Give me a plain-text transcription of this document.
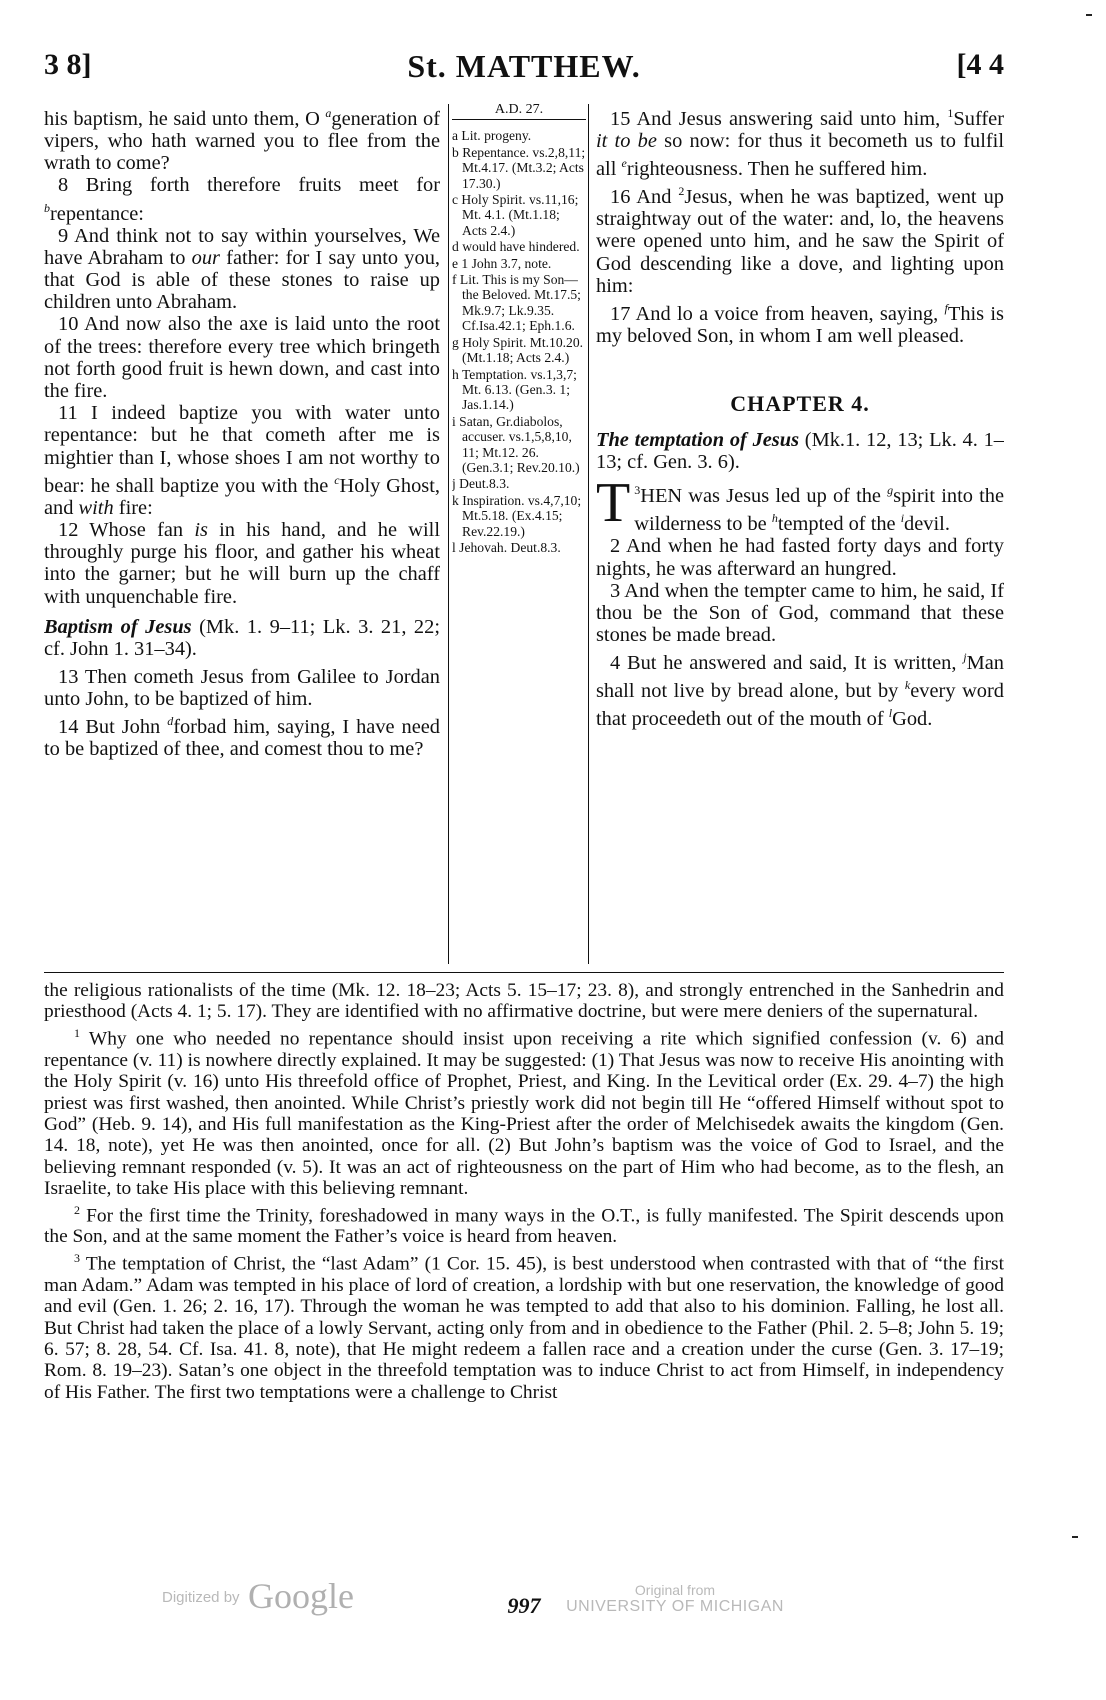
3 8]	St. MATTHEW.	[4 4

his baptism, he said unto them, O $^a$generation of vipers, who hath warned you to flee from the wrath to come?

8 Bring forth therefore fruits meet for $^b$repentance:

9 And think not to say within yourselves, We have Abraham to our father: for I say unto you, that God is able of these stones to raise up children unto Abraham.

10 And now also the axe is laid unto the root of the trees: therefore every tree which bringeth not forth good fruit is hewn down, and cast into the fire.

11 I indeed baptize you with water unto repentance: but he that cometh after me is mightier than I, whose shoes I am not worthy to bear: he shall baptize you with the $^c$Holy Ghost, and with fire:

12 Whose fan is in his hand, and he will throughly purge his floor, and gather his wheat into the garner; but he will burn up the chaff with unquenchable fire.

Baptism of Jesus (Mk. 1. 9–11; Lk. 3. 21, 22; cf. John 1. 31–34).

13 Then cometh Jesus from Galilee to Jordan unto John, to be baptized of him.

14 But John $^d$forbad him, saying, I have need to be baptized of thee, and comest thou to me?

A.D. 27.
a Lit. progeny.
b Repentance. vs.2,8,11; Mt.4.17. (Mt.3.2; Acts 17.30.)
c Holy Spirit. vs.11,16; Mt. 4.1. (Mt.1.18; Acts 2.4.)
d would have hindered.
e 1 John 3.7, note.
f Lit. This is my Son— the Beloved. Mt.17.5; Mk.9.7; Lk.9.35. Cf.Isa.42.1; Eph.1.6.
g Holy Spirit. Mt.10.20. (Mt.1.18; Acts 2.4.)
h Temptation. vs.1,3,7; Mt. 6.13. (Gen.3. 1; Jas.1.14.)
i Satan, Gr.diabolos, accuser. vs.1,5,8,10, 11; Mt.12. 26. (Gen.3.1; Rev.20.10.)
j Deut.8.3.
k Inspiration. vs.4,7,10; Mt.5.18. (Ex.4.15; Rev.22.19.)
l Jehovah. Deut.8.3.

15 And Jesus answering said unto him, $^1$Suffer it to be so now: for thus it becometh us to fulfil all $^e$righteousness. Then he suffered him.

16 And $^2$Jesus, when he was baptized, went up straightway out of the water: and, lo, the heavens were opened unto him, and he saw the Spirit of God descending like a dove, and lighting upon him:

17 And lo a voice from heaven, saying, $^f$This is my beloved Son, in whom I am well pleased.

CHAPTER 4.
The temptation of Jesus (Mk.1. 12, 13; Lk. 4. 1–13; cf. Gen. 3. 6).

$^3$
T HEN was Jesus led up of the $^g$spirit into the wilderness to be $^h$tempted of the $^i$devil.

2 And when he had fasted forty days and forty nights, he was afterward an hungred.

3 And when the tempter came to him, he said, If thou be the Son of God, command that these stones be made bread.

4 But he answered and said, It is written, $^j$Man shall not live by bread alone, but by $^k$every word that proceedeth out of the mouth of $^l$God.

the religious rationalists of the time (Mk. 12. 18–23; Acts 5. 15–17; 23. 8), and strongly entrenched in the Sanhedrin and priesthood (Acts 4. 1; 5. 17). They are identified with no affirmative doctrine, but were mere deniers of the supernatural.

$^1$ Why one who needed no repentance should insist upon receiving a rite which signified confession (v. 6) and repentance (v. 11) is nowhere directly explained. It may be suggested: (1) That Jesus was now to receive His anointing with the Holy Spirit (v. 16) unto His threefold office of Prophet, Priest, and King. In the Levitical order (Ex. 29. 4–7) the high priest was first washed, then anointed. While Christ’s priestly work did not begin till He “offered Himself without spot to God” (Heb. 9. 14), and His full manifestation as the King-Priest after the order of Melchisedek awaits the kingdom (Gen. 14. 18, note), yet He was then anointed, once for all. (2) But John’s baptism was the voice of God to Israel, and the believing remnant responded (v. 5). It was an act of righteousness on the part of Him who had become, as to the flesh, an Israelite, to take His place with this believing remnant.

$^2$ For the first time the Trinity, foreshadowed in many ways in the O.T., is fully manifested. The Spirit descends upon the Son, and at the same moment the Father’s voice is heard from heaven.

$^3$ The temptation of Christ, the “last Adam” (1 Cor. 15. 45), is best understood when contrasted with that of “the first man Adam.” Adam was tempted in his place of lord of creation, a lordship with but one reservation, the knowledge of good and evil (Gen. 1. 26; 2. 16, 17). Through the woman he was tempted to add that also to his dominion. Falling, he lost all. But Christ had taken the place of a lowly Servant, acting only from and in obedience to the Father (Phil. 2. 5–8; John 5. 19; 6. 57; 8. 28, 54. Cf. Isa. 41. 8, note), that He might redeem a fallen race and a creation under the curse (Gen. 3. 17–19; Rom. 8. 19–23). Satan’s one object in the threefold temptation was to induce Christ to act from Himself, in independency of His Father. The first two temptations were a challenge to Christ

997
Digitized by Google	Original from
UNIVERSITY OF MICHIGAN
